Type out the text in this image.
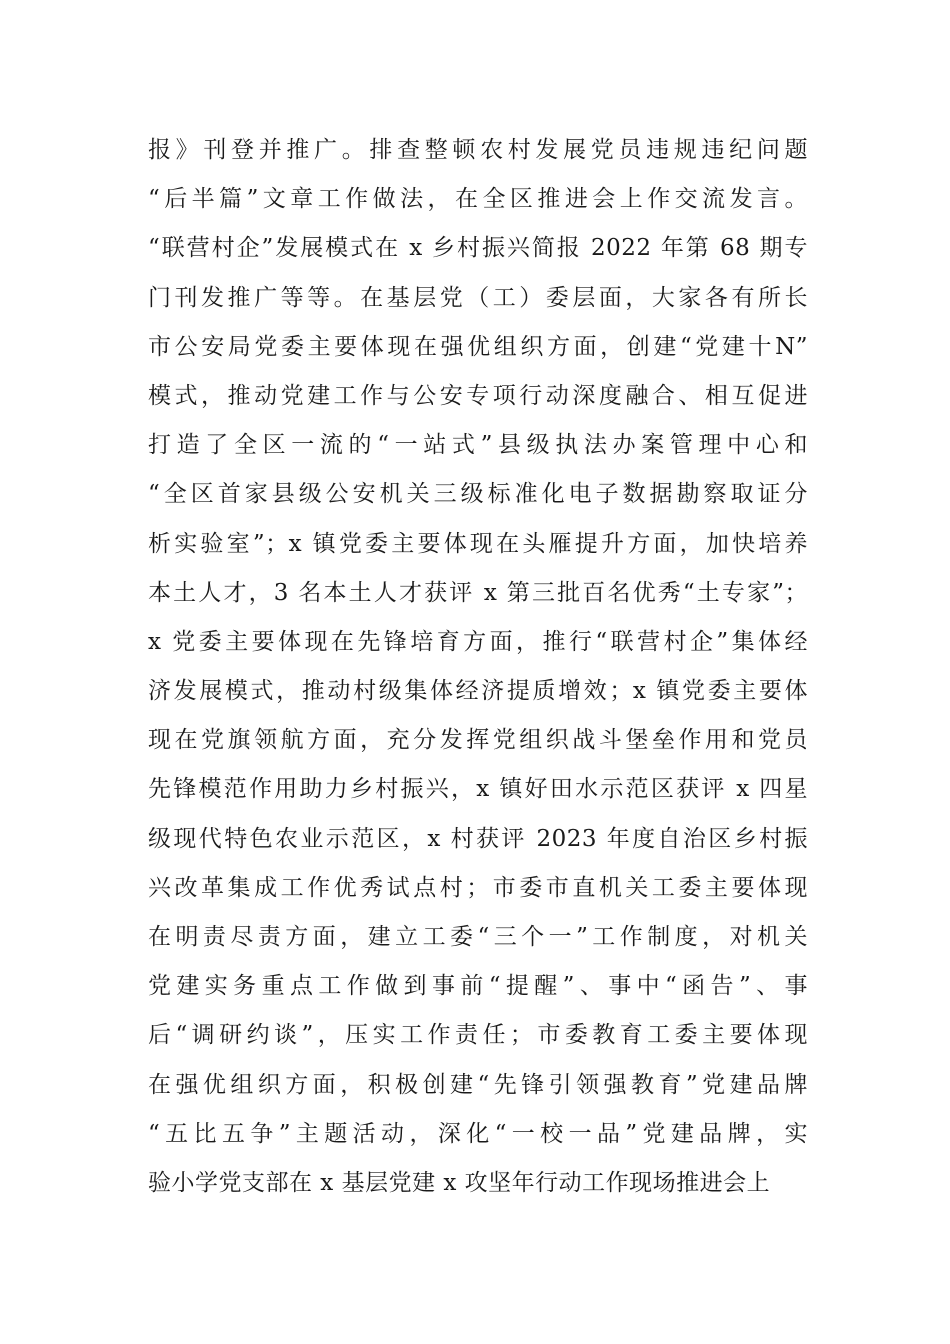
报》刊登并推广。排查整顿农村发展党员违规违纪问题
“后半篇”文章工作做法，在全区推进会上作交流发言。
“联营村企”发展模式在 x 乡村振兴简报 2022 年第 68 期专
门刊发推广等等。在基层党（工）委层面，大家各有所长
市公安局党委主要体现在强优组织方面，创建“党建十N”
模式，推动党建工作与公安专项行动深度融合、相互促进
打造了全区一流的“一站式”县级执法办案管理中心和
“全区首家县级公安机关三级标准化电子数据勘察取证分
析实验室”；x 镇党委主要体现在头雁提升方面，加快培养
本土人才，3 名本土人才获评 x 第三批百名优秀“土专家”；
x 党委主要体现在先锋培育方面，推行“联营村企”集体经
济发展模式，推动村级集体经济提质增效；x 镇党委主要体
现在党旗领航方面，充分发挥党组织战斗堡垒作用和党员
先锋模范作用助力乡村振兴，x 镇好田水示范区获评 x 四星
级现代特色农业示范区，x 村获评 2023 年度自治区乡村振
兴改革集成工作优秀试点村；市委市直机关工委主要体现
在明责尽责方面，建立工委“三个一”工作制度，对机关
党建实务重点工作做到事前“提醒”、事中“函告”、事
后“调研约谈”，压实工作责任；市委教育工委主要体现
在强优组织方面，积极创建“先锋引领强教育”党建品牌
“五比五争”主题活动，深化“一校一品”党建品牌，实
验小学党支部在 x 基层党建 x 攻坚年行动工作现场推进会上
